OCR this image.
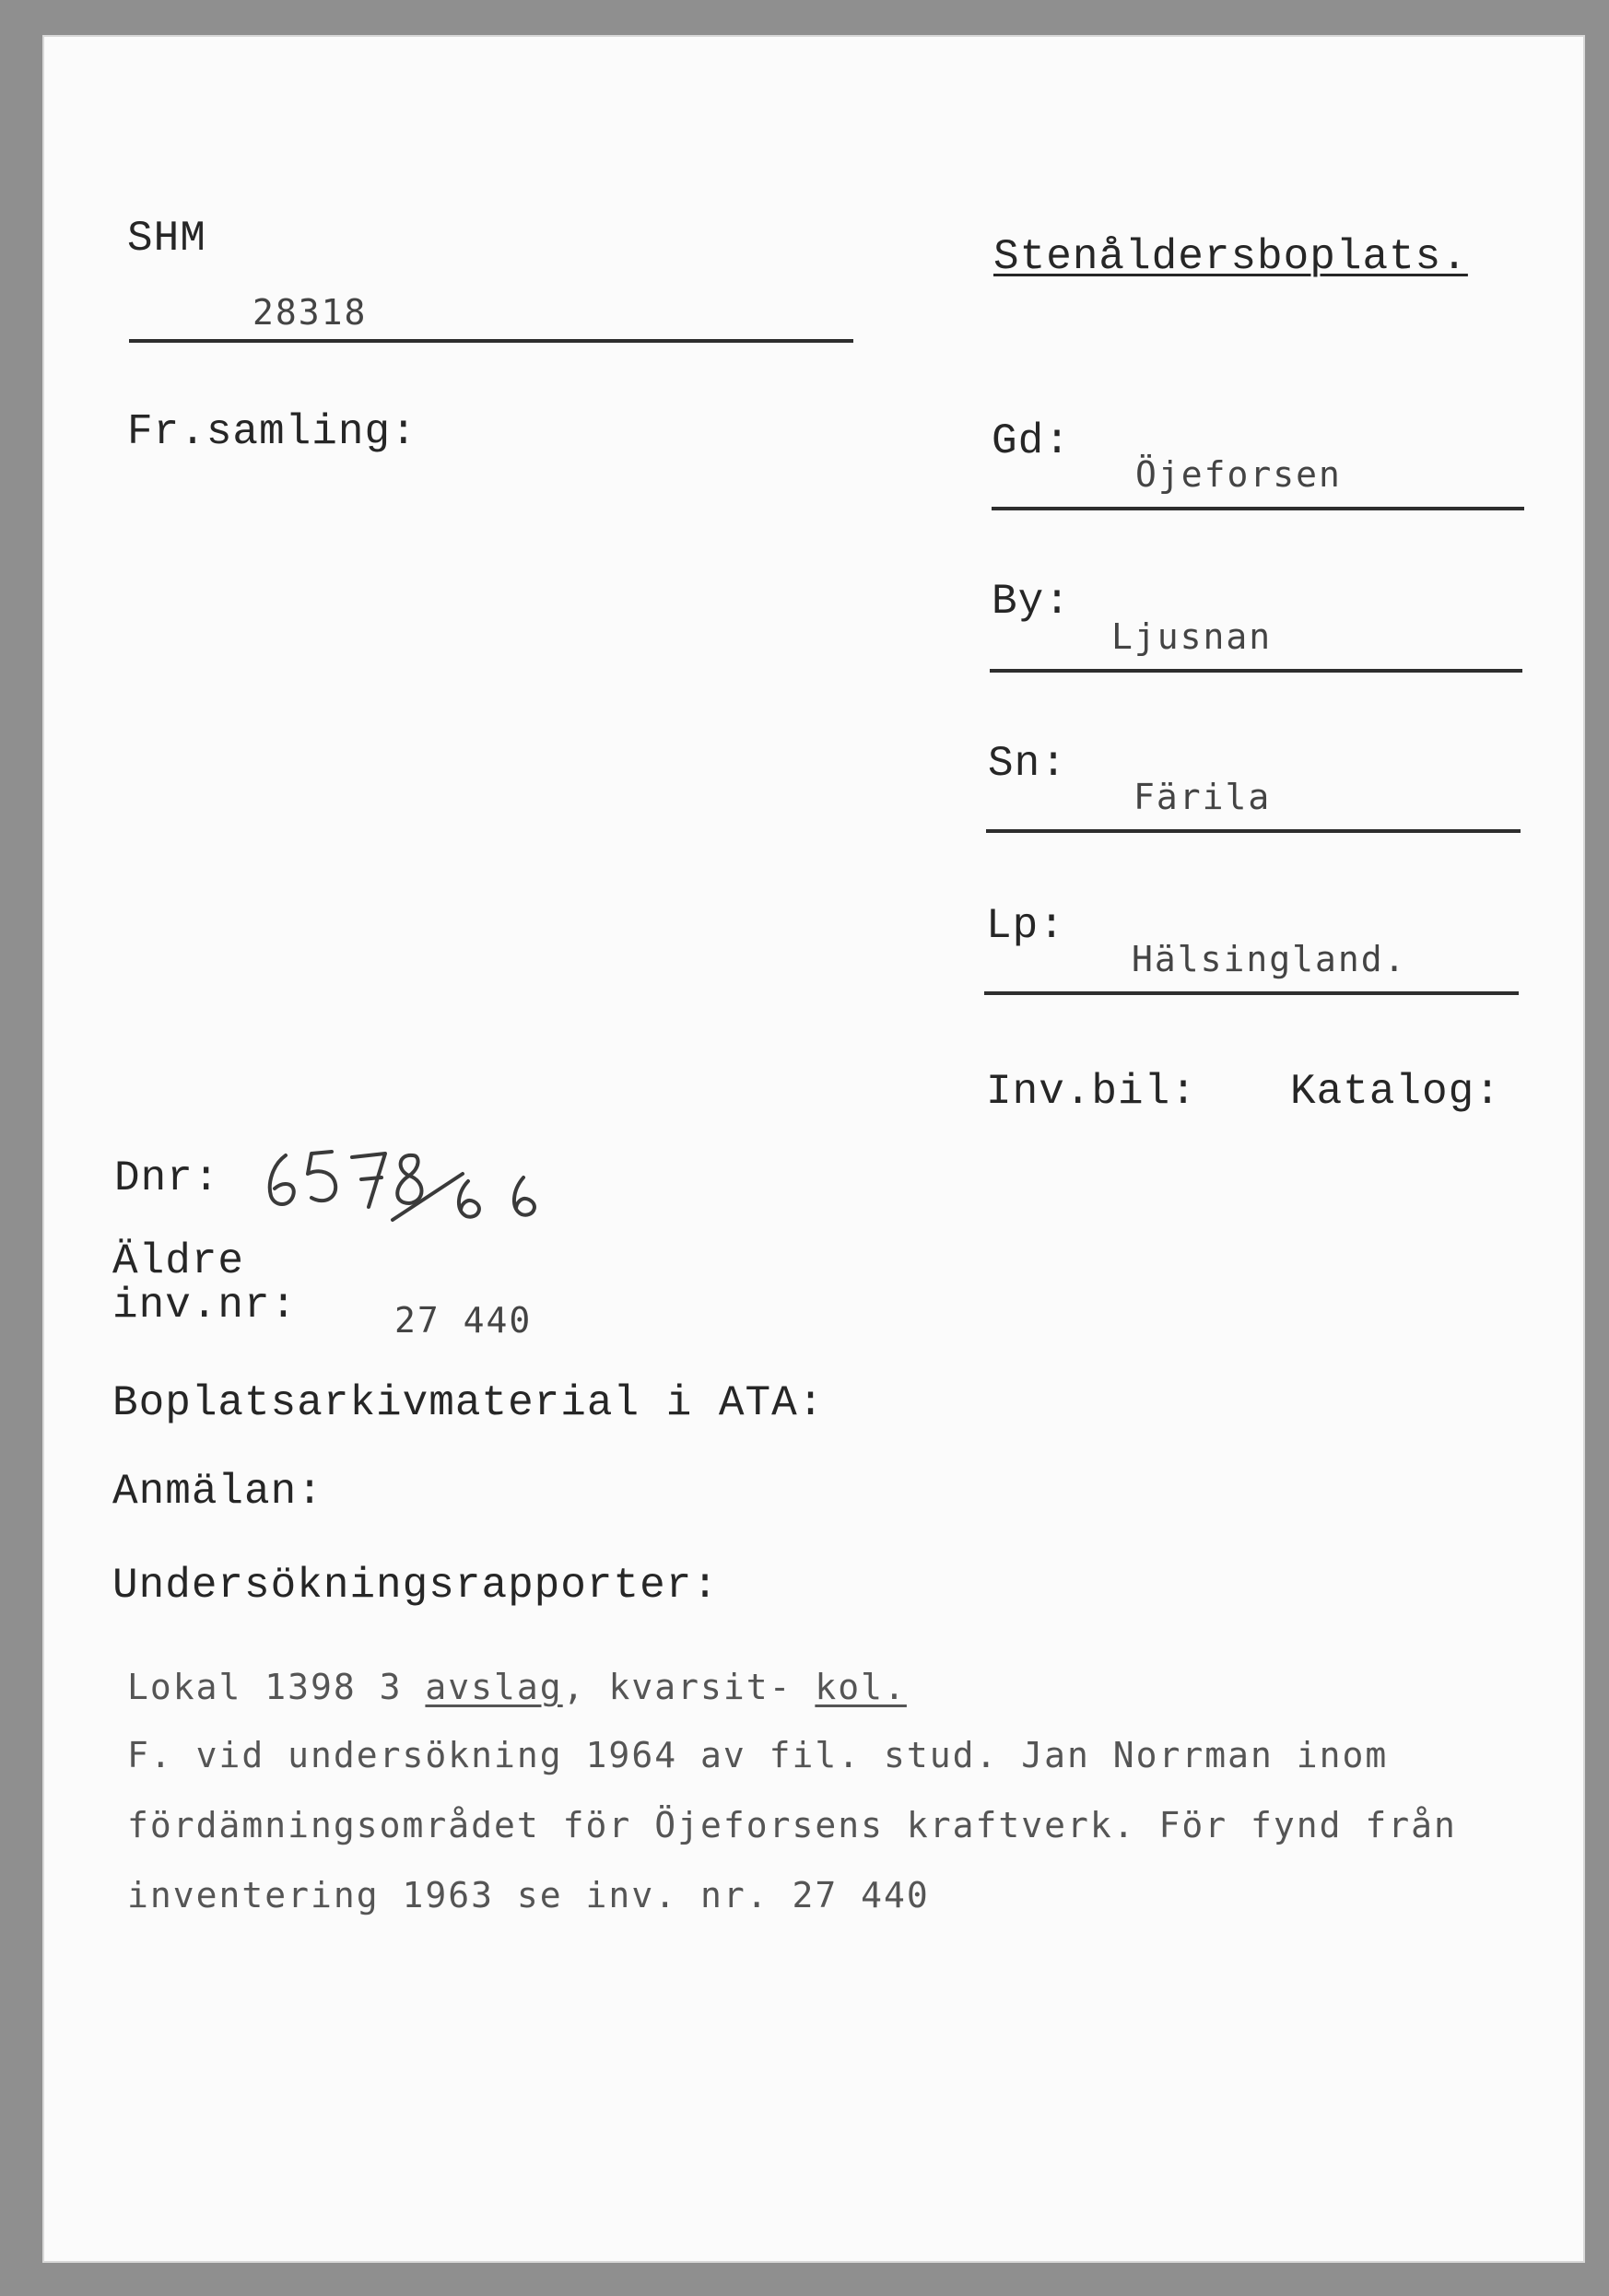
SHM
28318
Stenåldersboplats.
Fr.samling:	Gd:
Öjeforsen
By:
Ljusnan
Sn:
Färila
Lp:
Hälsingland.
Inv.bil: Katalog:
Dnr:
Äldre
inv.nr:	27 440
Boplatsarkivmaterial i ATA:
Anmälan:
Undersökningsrapporter:
Lokal 1398 3 avslag, kvarsit- kol.
F. vid undersökning 1964 av fil. stud. Jan Norrman inom
fördämningsområdet för Öjeforsens kraftverk. För fynd från
inventering 1963 se inv. nr. 27 440
